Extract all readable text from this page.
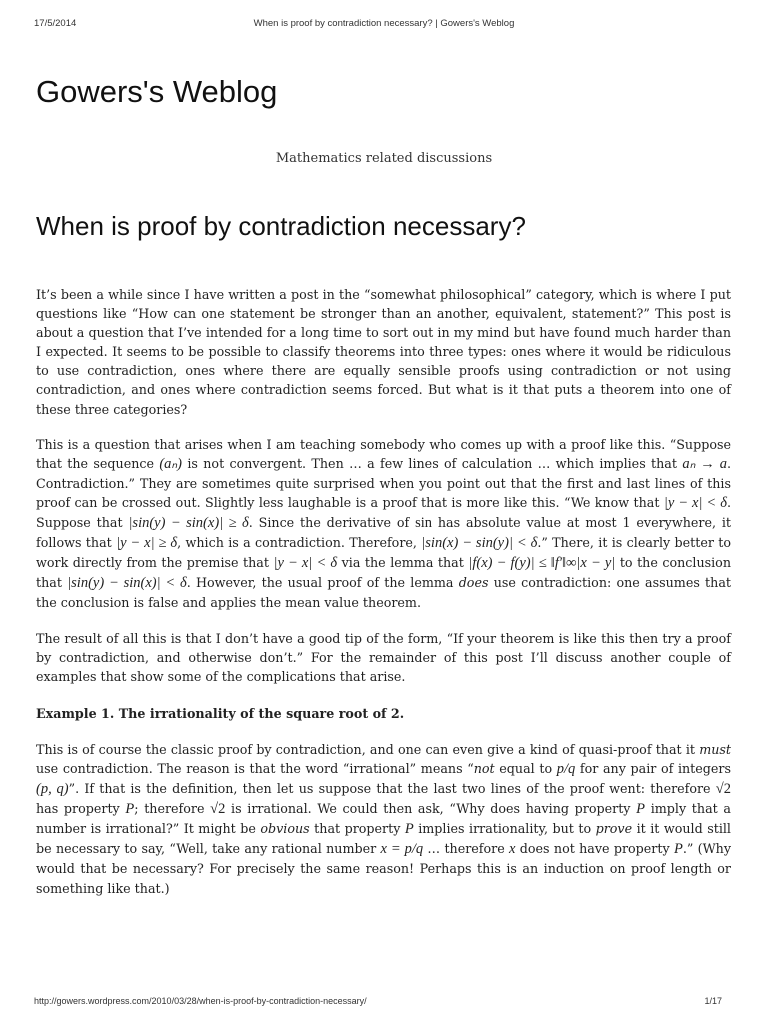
17/5/2014	When is proof by contradiction necessary? | Gowers's Weblog
Gowers's Weblog
Mathematics related discussions
When is proof by contradiction necessary?

It’s been a while since I have written a post in the “somewhat philosophical” category, which is where I put questions like “How can one statement be stronger than an another, equivalent, statement?” This post is about a question that I’ve intended for a long time to sort out in my mind but have found much harder than I expected. It seems to be possible to classify theorems into three types: ones where it would be ridiculous to use contradiction, ones where there are equally sensible proofs using contradiction or not using contradiction, and ones where contradiction seems forced. But what is it that puts a theorem into one of these three categories?

This is a question that arises when I am teaching somebody who comes up with a proof like this. “Suppose that the sequence (aₙ) is not convergent. Then … a few lines of calculation … which implies that aₙ → a. Contradiction.” They are sometimes quite surprised when you point out that the first and last lines of this proof can be crossed out. Slightly less laughable is a proof that is more like this. “We know that |y − x| < δ. Suppose that |sin(y) − sin(x)| ≥ δ. Since the derivative of sin has absolute value at most 1 everywhere, it follows that |y − x| ≥ δ, which is a contradiction. Therefore, |sin(x) − sin(y)| < δ.” There, it is clearly better to work directly from the premise that |y − x| < δ via the lemma that |f(x) − f(y)| ≤ ‖f′‖∞|x − y| to the conclusion that |sin(y) − sin(x)| < δ. However, the usual proof of the lemma does use contradiction: one assumes that the conclusion is false and applies the mean value theorem.

The result of all this is that I don’t have a good tip of the form, “If your theorem is like this then try a proof by contradiction, and otherwise don’t.” For the remainder of this post I’ll discuss another couple of examples that show some of the complications that arise.

Example 1. The irrationality of the square root of 2.

This is of course the classic proof by contradiction, and one can even give a kind of quasi-proof that it must use contradiction. The reason is that the word “irrational” means “not equal to p/q for any pair of integers (p, q)”. If that is the definition, then let us suppose that the last two lines of the proof went: therefore √2 has property P; therefore √2 is irrational. We could then ask, “Why does having property P imply that a number is irrational?” It might be obvious that property P implies irrationality, but to prove it it would still be necessary to say, “Well, take any rational number x = p/q … therefore x does not have property P.” (Why would that be necessary? For precisely the same reason! Perhaps this is an induction on proof length or something like that.)

http://gowers.wordpress.com/2010/03/28/when-is-proof-by-contradiction-necessary/	1/17
